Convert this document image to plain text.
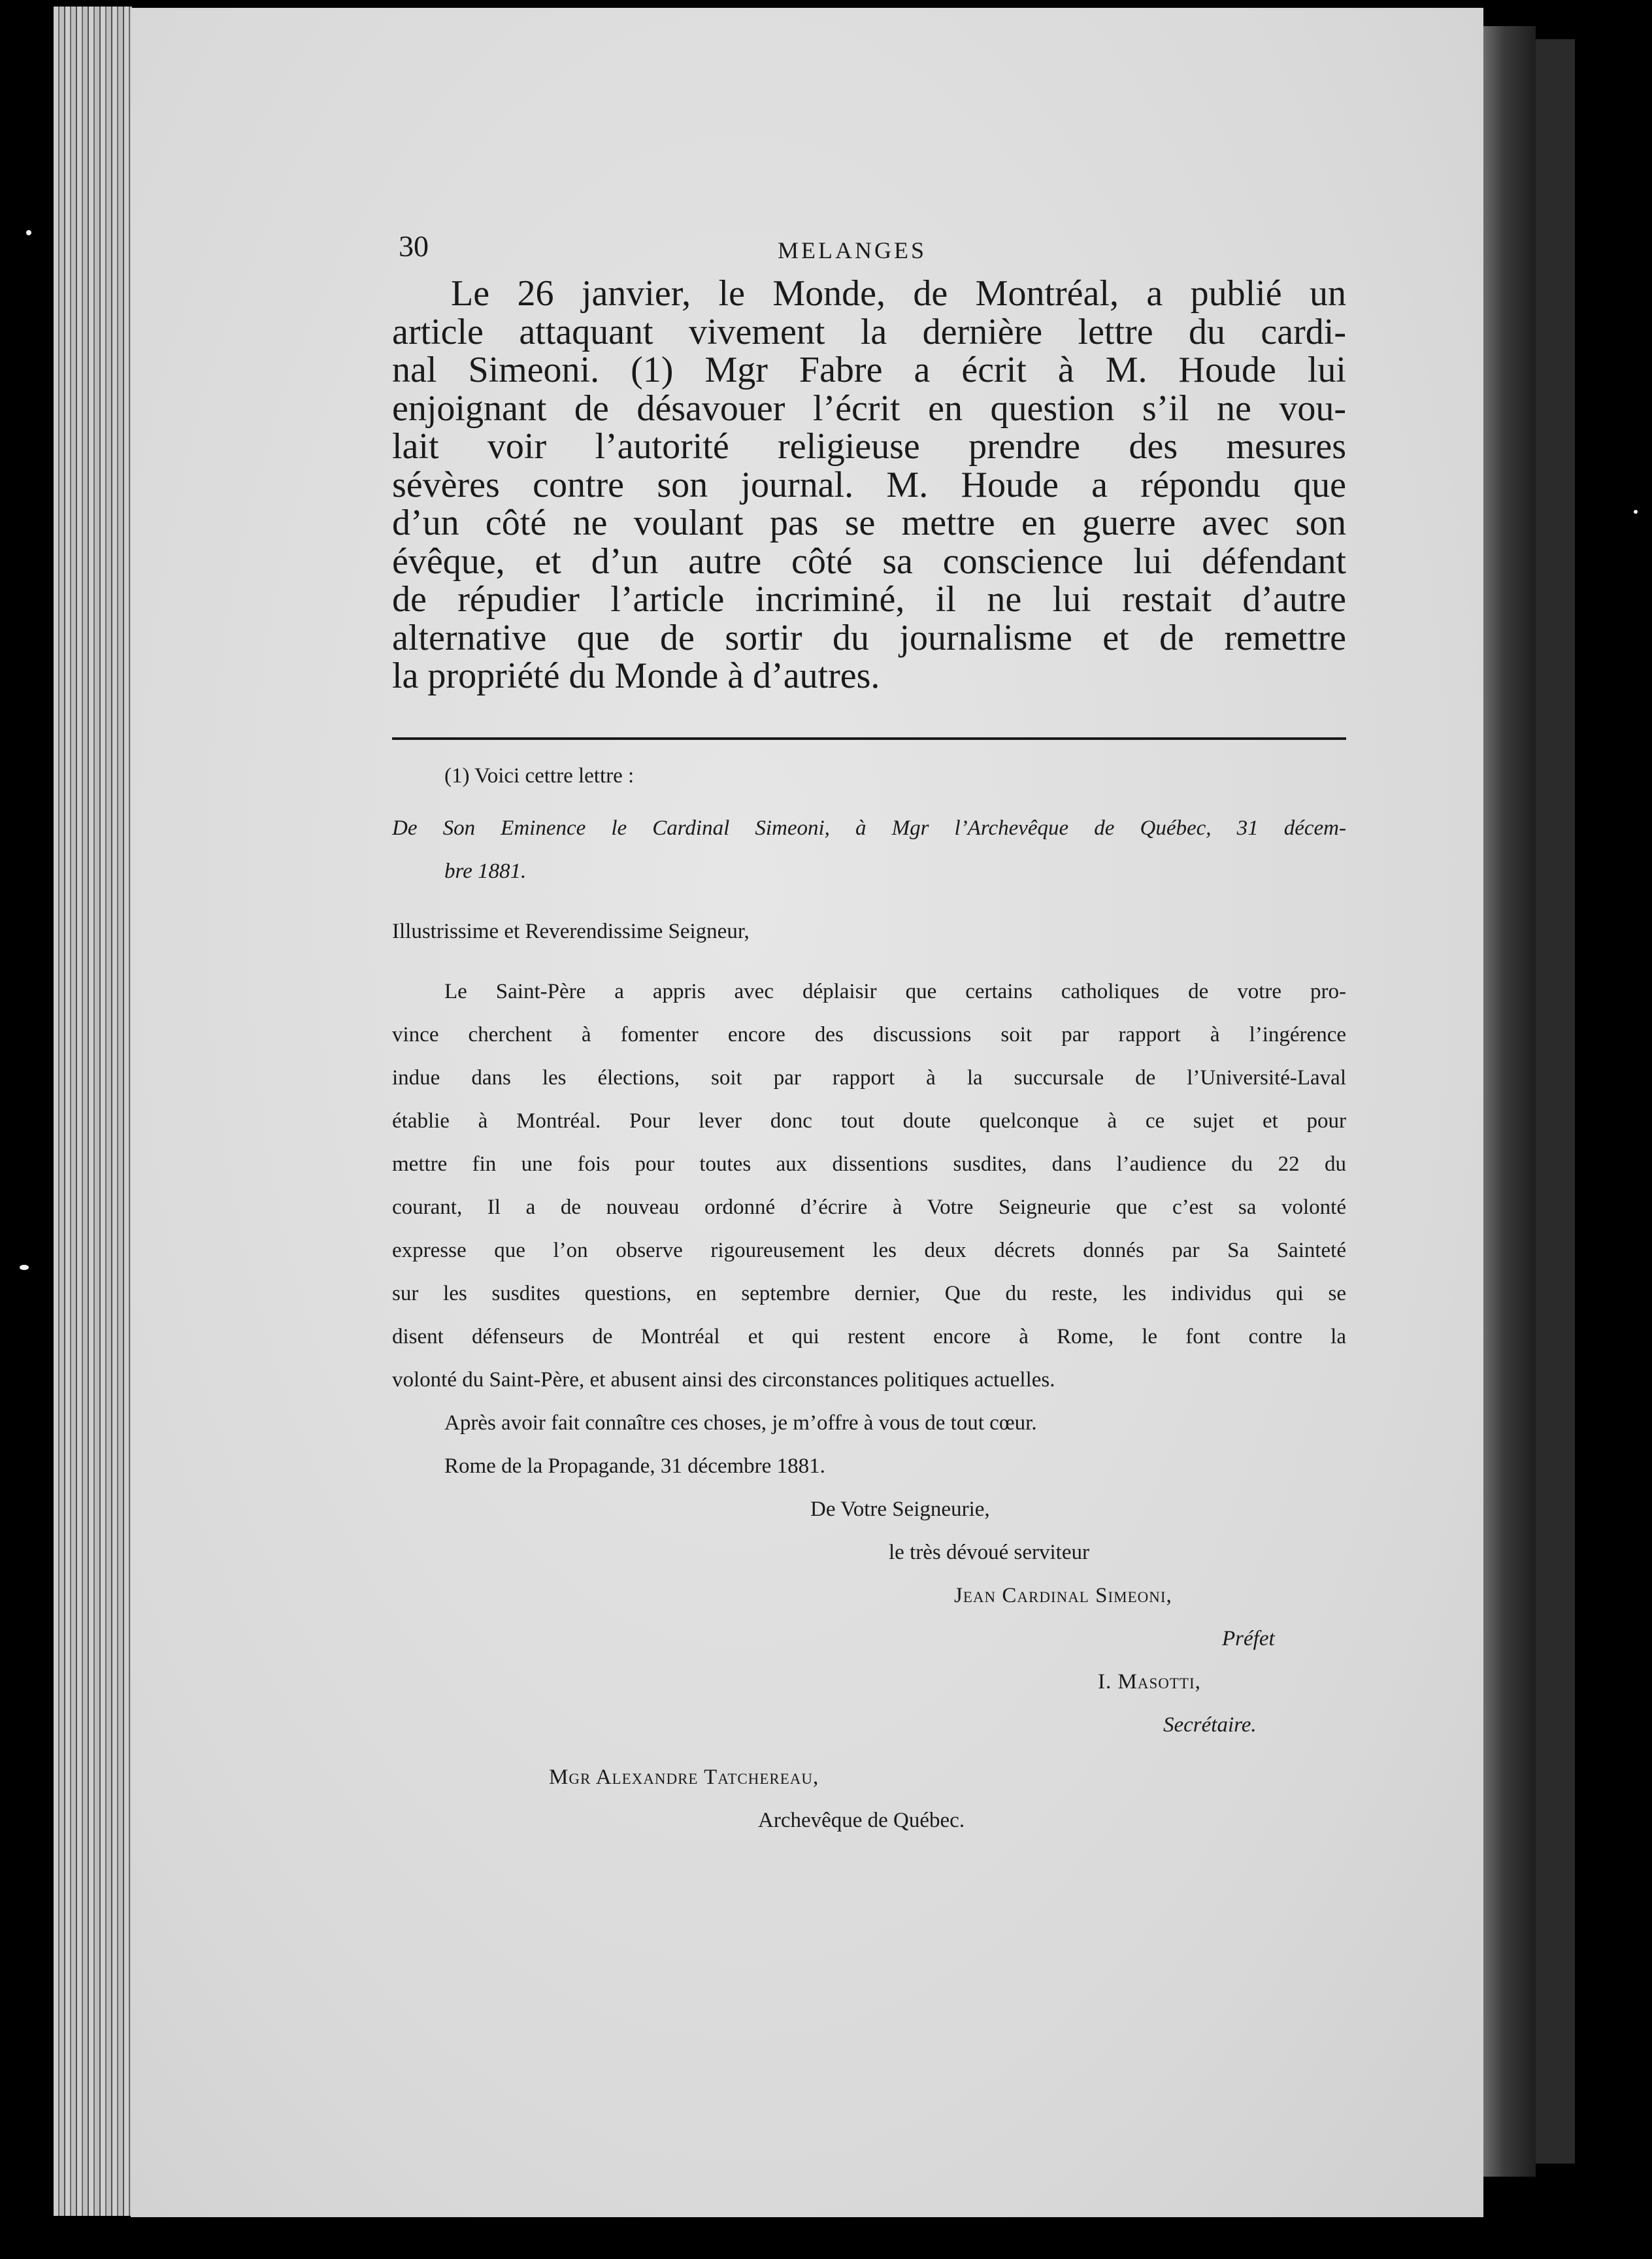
30	MELANGES
Le 26 janvier, le Monde, de Montréal, a publié un
article attaquant vivement la dernière lettre du cardi-
nal Simeoni. (1) Mgr Fabre a écrit à M. Houde lui
enjoignant de désavouer l’écrit en question s’il ne vou-
lait voir l’autorité religieuse prendre des mesures
sévères contre son journal. M. Houde a répondu que
d’un côté ne voulant pas se mettre en guerre avec son
évêque, et d’un autre côté sa conscience lui défendant
de répudier l’article incriminé, il ne lui restait d’autre
alternative que de sortir du journalisme et de remettre
la propriété du Monde à d’autres.
(1) Voici cettre lettre :
De Son Eminence le Cardinal Simeoni, à Mgr l’Archevêque de Québec, 31 décem-
bre 1881.
Illustrissime et Reverendissime Seigneur,
Le Saint-Père a appris avec déplaisir que certains catholiques de votre pro-
vince cherchent à fomenter encore des discussions soit par rapport à l’ingérence
indue dans les élections, soit par rapport à la succursale de l’Université-Laval
établie à Montréal. Pour lever donc tout doute quelconque à ce sujet et pour
mettre fin une fois pour toutes aux dissentions susdites, dans l’audience du 22 du
courant, Il a de nouveau ordonné d’écrire à Votre Seigneurie que c’est sa volonté
expresse que l’on observe rigoureusement les deux décrets donnés par Sa Sainteté
sur les susdites questions, en septembre dernier, Que du reste, les individus qui se
disent défenseurs de Montréal et qui restent encore à Rome, le font contre la
volonté du Saint-Père, et abusent ainsi des circonstances politiques actuelles.
Après avoir fait connaître ces choses, je m’offre à vous de tout cœur.
Rome de la Propagande, 31 décembre 1881.
De Votre Seigneurie,
le très dévoué serviteur
Jean Cardinal Simeoni,
Préfet
I. Masotti,
Secrétaire.
Mgr Alexandre Tatchereau,
Archevêque de Québec.
